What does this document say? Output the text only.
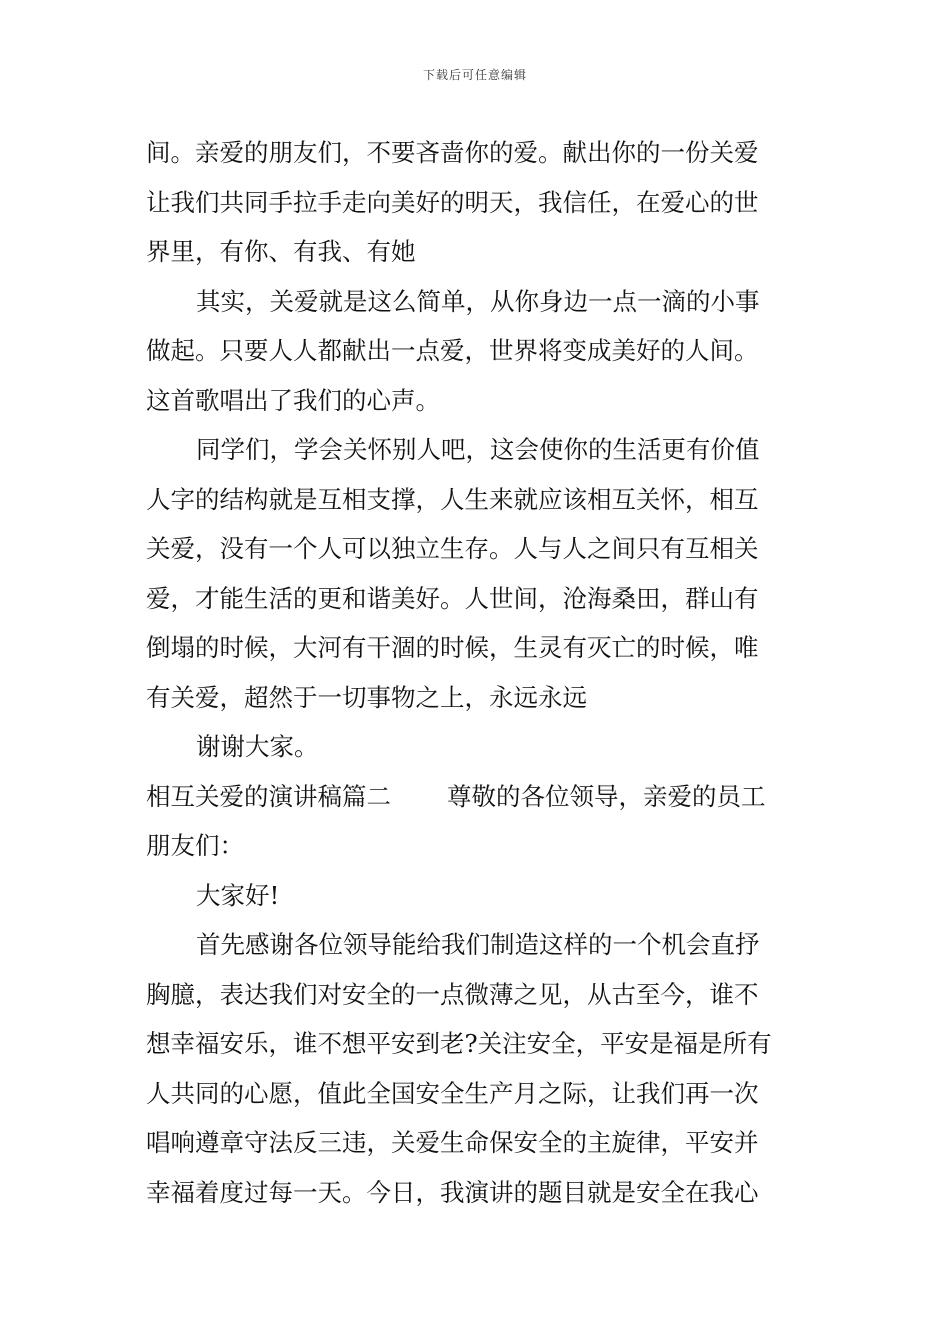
下载后可任意编辑
间。亲爱的朋友们，不要吝啬你的爱。献出你的一份关爱
让我们共同手拉手走向美好的明天，我信任，在爱心的世
界里，有你、有我、有她
其实，关爱就是这么简单，从你身边一点一滴的小事
做起。只要人人都献出一点爱，世界将变成美好的人间。
这首歌唱出了我们的心声。
同学们，学会关怀别人吧，这会使你的生活更有价值
人字的结构就是互相支撑，人生来就应该相互关怀，相互
关爱，没有一个人可以独立生存。人与人之间只有互相关
爱，才能生活的更和谐美好。人世间，沧海桑田，群山有
倒塌的时候，大河有干涸的时候，生灵有灭亡的时候，唯
有关爱，超然于一切事物之上，永远永远
谢谢大家。
相互关爱的演讲稿篇二 尊敬的各位领导，亲爱的员工
朋友们：
大家好!
首先感谢各位领导能给我们制造这样的一个机会直抒
胸臆，表达我们对安全的一点微薄之见，从古至今，谁不
想幸福安乐，谁不想平安到老?关注安全，平安是福是所有
人共同的心愿，值此全国安全生产月之际，让我们再一次
唱响遵章守法反三违，关爱生命保安全的主旋律，平安并
幸福着度过每一天。今日，我演讲的题目就是安全在我心
